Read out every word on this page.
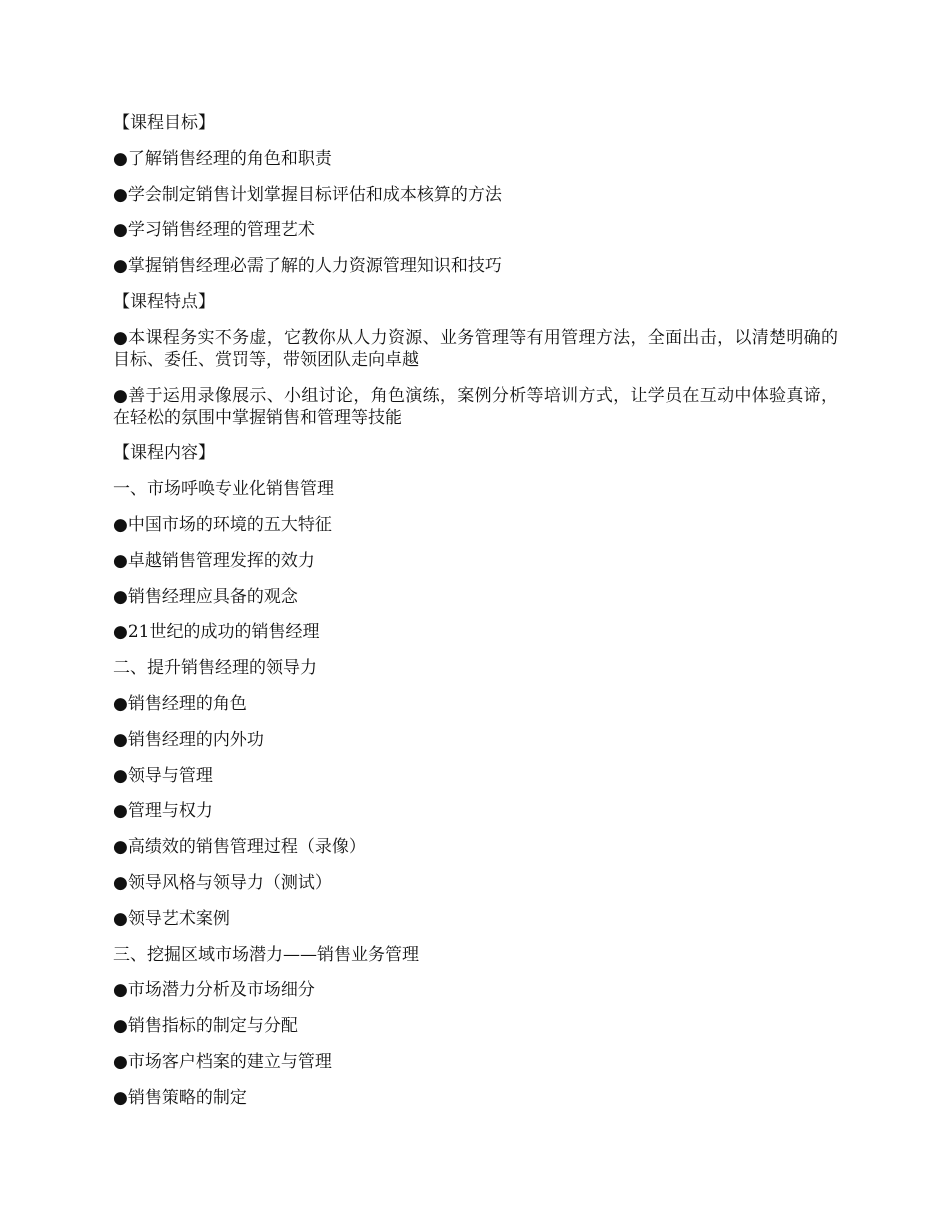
【课程目标】
●了解销售经理的角色和职责
●学会制定销售计划掌握目标评估和成本核算的方法
●学习销售经理的管理艺术
●掌握销售经理必需了解的人力资源管理知识和技巧
【课程特点】
●本课程务实不务虚，它教你从人力资源、业务管理等有用管理方法，全面出击，以清楚明确的目标、委任、赏罚等，带领团队走向卓越
●善于运用录像展示、小组讨论，角色演练，案例分析等培训方式，让学员在互动中体验真谛，在轻松的氛围中掌握销售和管理等技能
【课程内容】
一、市场呼唤专业化销售管理
●中国市场的环境的五大特征
●卓越销售管理发挥的效力
●销售经理应具备的观念
●21世纪的成功的销售经理
二、提升销售经理的领导力
●销售经理的角色
●销售经理的内外功
●领导与管理
●管理与权力
●高绩效的销售管理过程（录像）
●领导风格与领导力（测试）
●领导艺术案例
三、挖掘区域市场潜力——销售业务管理
●市场潜力分析及市场细分
●销售指标的制定与分配
●市场客户档案的建立与管理
●销售策略的制定
